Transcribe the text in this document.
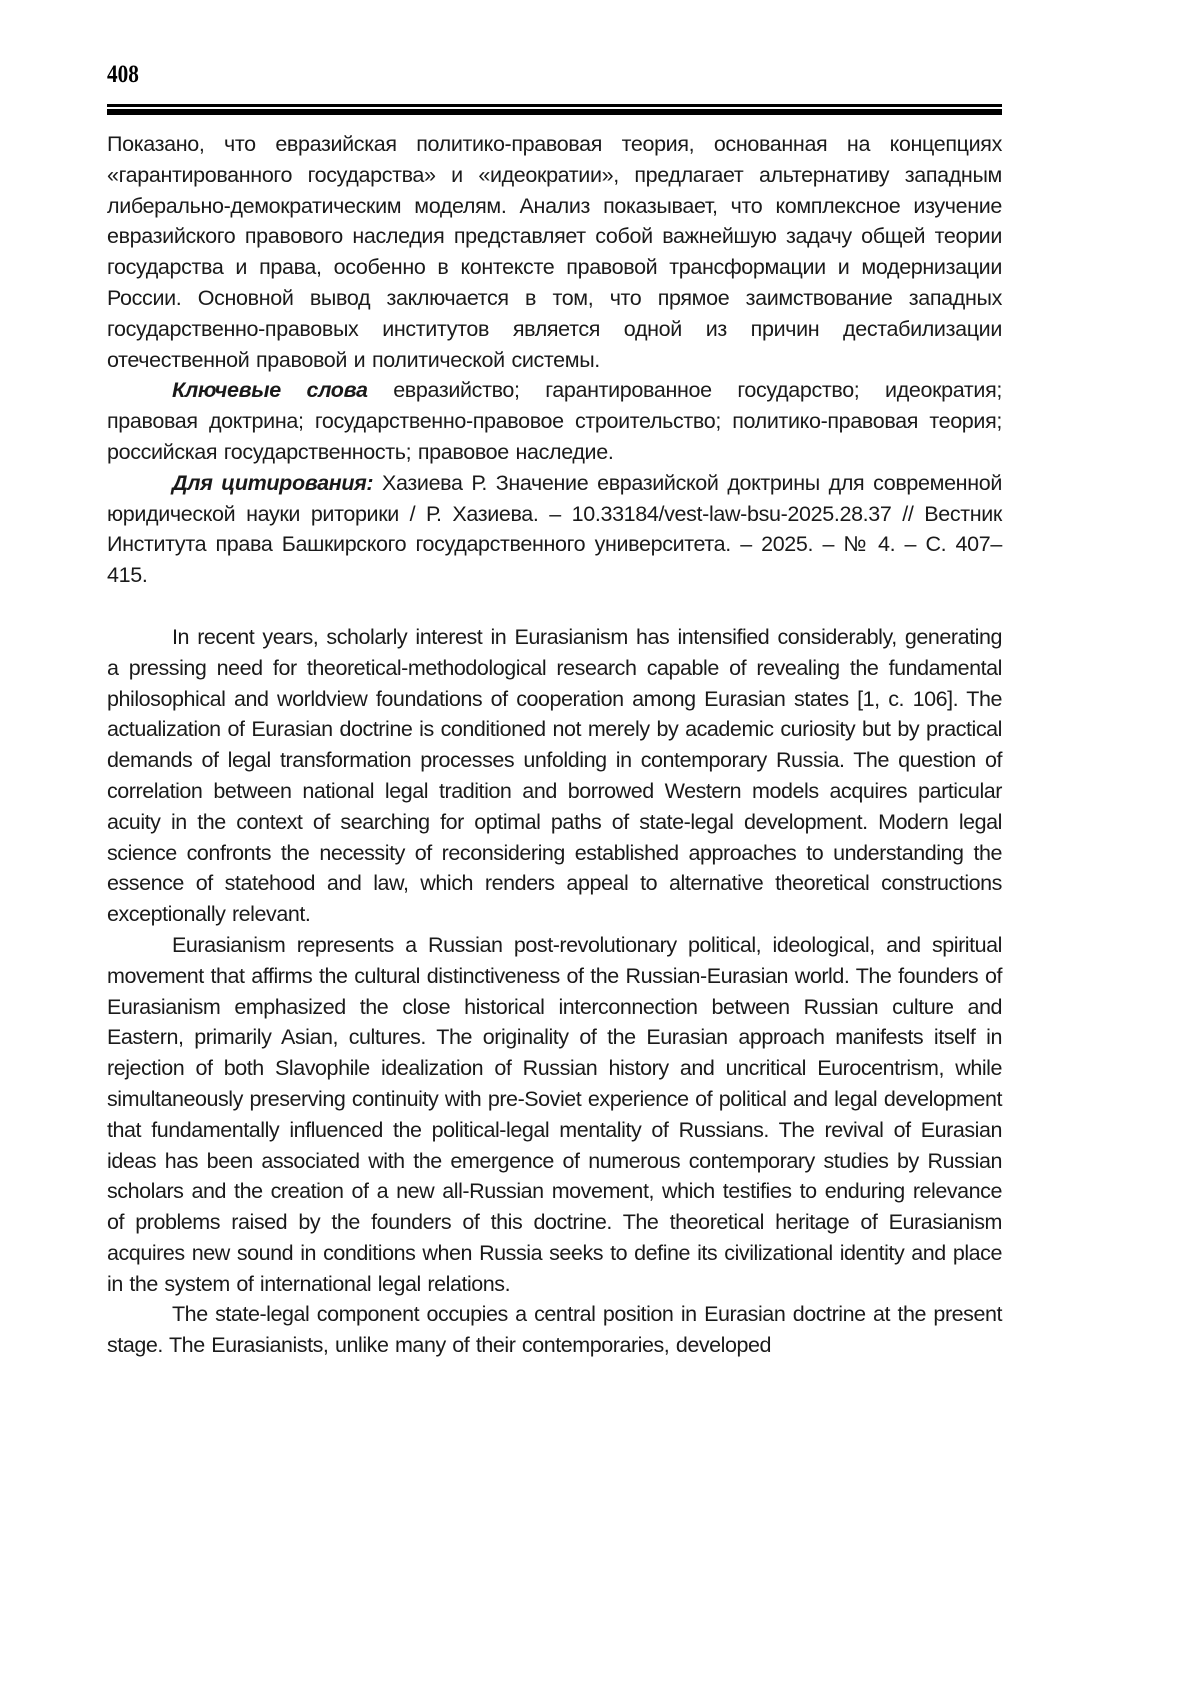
408

Показано, что евразийская политико-правовая теория, основанная на концепциях «гарантированного государства» и «идеократии», предлагает альтернативу западным либерально-демократическим моделям. Анализ показывает, что комплексное изучение евразийского правового наследия представляет собой важнейшую задачу общей теории государства и права, особенно в контексте правовой трансформации и модернизации России. Основной вывод заключается в том, что прямое заимствование западных государственно-правовых институтов является одной из причин дестабилизации отечественной правовой и политической системы.

Ключевые слова евразийство; гарантированное государство; идеократия; правовая доктрина; государственно-правовое строительство; политико-правовая теория; российская государственность; правовое наследие.

Для цитирования: Хазиева Р. Значение евразийской доктрины для современной юридической науки риторики / Р. Хазиева. – 10.33184/vest-law-bsu-2025.28.37 // Вестник Института права Башкирского государственного университета. – 2025. – № 4. – С. 407–415.

In recent years, scholarly interest in Eurasianism has intensified considerably, generating a pressing need for theoretical-methodological research capable of revealing the fundamental philosophical and worldview foundations of cooperation among Eurasian states [1, c. 106]. The actualization of Eurasian doctrine is conditioned not merely by academic curiosity but by practical demands of legal transformation processes unfolding in contemporary Russia. The question of correlation between national legal tradition and borrowed Western models acquires particular acuity in the context of searching for optimal paths of state-legal development. Modern legal science confronts the necessity of reconsidering established approaches to understanding the essence of statehood and law, which renders appeal to alternative theoretical constructions exceptionally relevant.

Eurasianism represents a Russian post-revolutionary political, ideological, and spiritual movement that affirms the cultural distinctiveness of the Russian-Eurasian world. The founders of Eurasianism emphasized the close historical interconnection between Russian culture and Eastern, primarily Asian, cultures. The originality of the Eurasian approach manifests itself in rejection of both Slavophile idealization of Russian history and uncritical Eurocentrism, while simultaneously preserving continuity with pre-Soviet experience of political and legal development that fundamentally influenced the political-legal mentality of Russians. The revival of Eurasian ideas has been associated with the emergence of numerous contemporary studies by Russian scholars and the creation of a new all-Russian movement, which testifies to enduring relevance of problems raised by the founders of this doctrine. The theoretical heritage of Eurasianism acquires new sound in conditions when Russia seeks to define its civilizational identity and place in the system of international legal relations.

The state-legal component occupies a central position in Eurasian doctrine at the present stage. The Eurasianists, unlike many of their contemporaries, developed
